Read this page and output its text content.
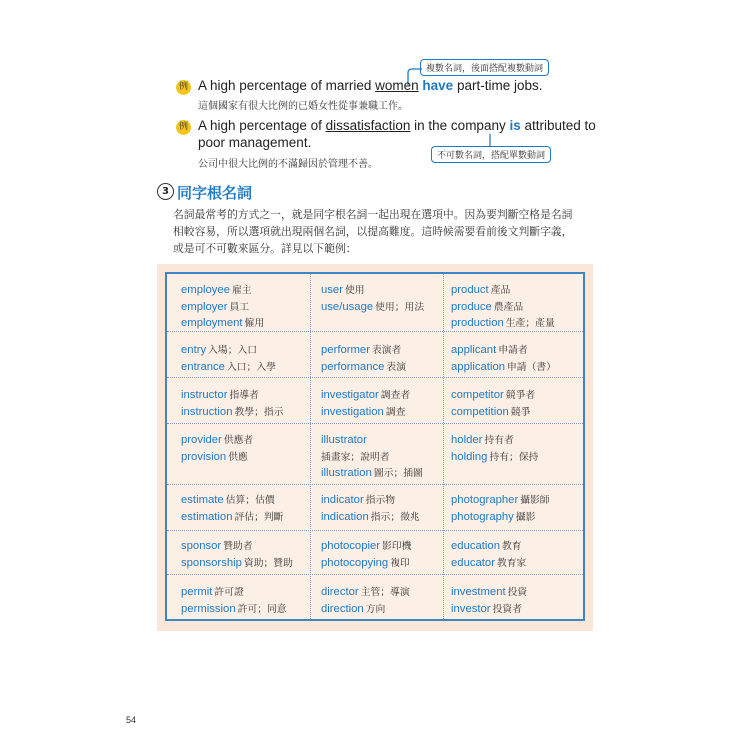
複數名詞，後面搭配複數動詞
例 A high percentage of married women have part-time jobs.
這個國家有很大比例的已婚女性從事兼職工作。
例 A high percentage of dissatisfaction in the company is attributed to
poor management.
公司中很大比例的不滿歸因於管理不善。
不可數名詞，搭配單數動詞
3 同字根名詞
名詞最常考的方式之一，就是同字根名詞一起出現在選項中。因為要判斷空格是名詞
相較容易，所以選項就出現兩個名詞，以提高難度。這時候需要看前後文判斷字義，
或是可不可數來區分。詳見以下範例：
employee 雇主
employer 員工
employment 僱用
user 使用
use/usage 使用；用法
product 產品
produce 農產品
production 生產；產量
entry 入場；入口
entrance 入口；入學
performer 表演者
performance 表演
applicant 申請者
application 申請（書）
instructor 指導者
instruction 教學；指示
investigator 調查者
investigation 調查
competitor 競爭者
competition 競爭
provider 供應者
provision 供應
illustrator
插畫家；說明者
illustration 圖示；插圖
holder 持有者
holding 持有；保持
estimate 估算；估價
estimation 評估；判斷
indicator 指示物
indication 指示；徵兆
photographer 攝影師
photography 攝影
sponsor 贊助者
sponsorship 資助；贊助
photocopier 影印機
photocopying 複印
education 教育
educator 教育家
permit 許可證
permission 許可；同意
director 主管；導演
direction 方向
investment 投資
investor 投資者
54
